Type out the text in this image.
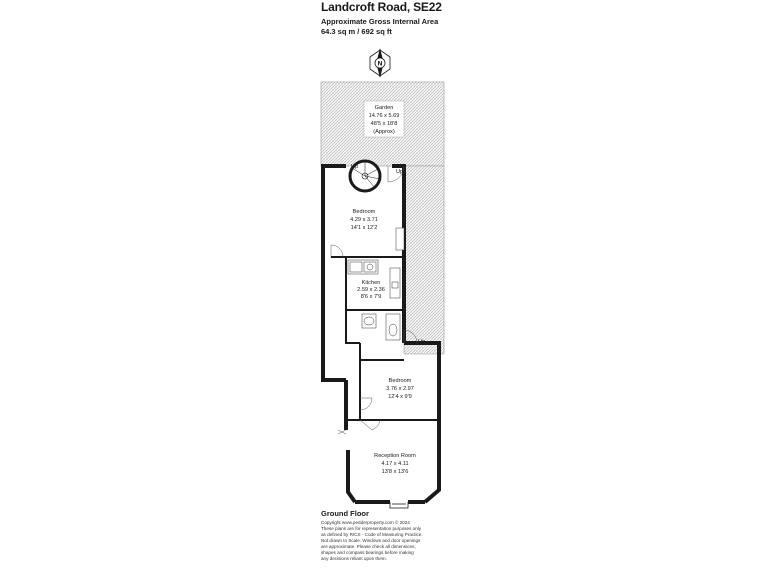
Landcroft Road, SE22
Approximate Gross Internal Area
64.3 sq m / 692 sq ft
N
Garden
14.76 x 5.69
48'5 x 18'8
(Approx)
Bedroom
4.29 x 3.71
14'1 x 12'2
Kitchen
2.59 x 2.36
8'6 x 7'9
Bedroom
3.76 x 2.97
12'4 x 9'9
Reception Room
4.17 x 4.11
13'8 x 13'6
Up
Up
Up
Ground Floor
Copyright www.pedderproperty.com © 2024
These plans are for representation purposes only
as defined by RICS - Code of Measuring Practice.
Not drawn to Scale. Windows and door openings
are approximate. Please check all dimensions,
shapes and compass bearings before making
any decisions reliant upon them.
